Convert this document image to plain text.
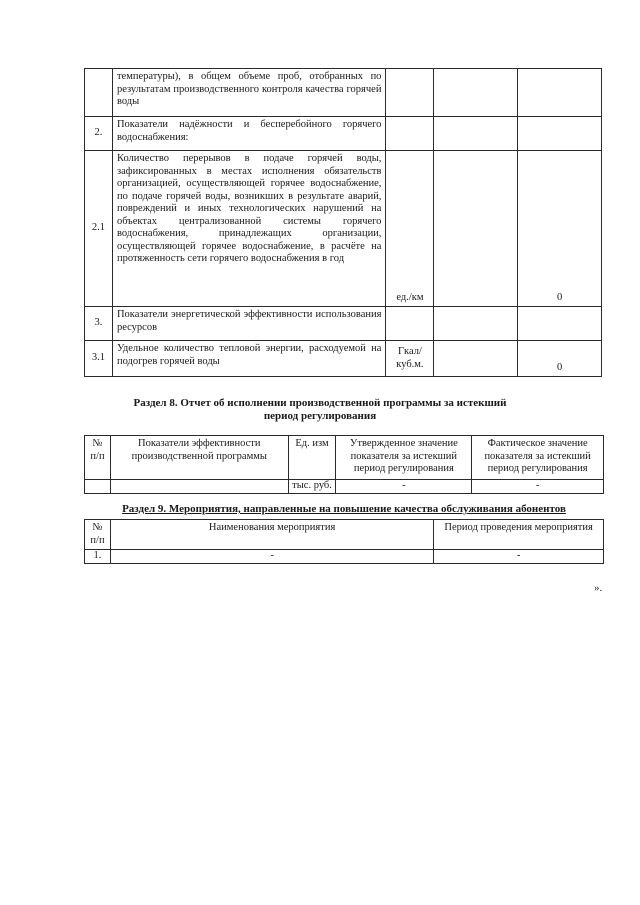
	температуры), в общем объеме проб, отобранных по результатам производственного контроля качества горячей воды			
2.	Показатели надёжности и бесперебойного горячего водоснабжения:			
2.1	Количество перерывов в подаче горячей воды, зафиксированных в местах исполнения обязательств организацией, осуществляющей горячее водоснабжение, по подаче горячей воды, возникших в результате аварий, повреждений и иных технологических нарушений на объектах централизованной системы горячего водоснабжения, принадлежащих организации, осуществляющей горячее водоснабжение, в расчёте на протяженность сети горячего водоснабжения в год	ед./км		0
3.	Показатели энергетической эффективности использования ресурсов			
3.1	Удельное количество тепловой энергии, расходуемой на подогрев горячей воды	Гкал/ куб.м.		0
Раздел 8. Отчет об исполнении производственной программы за истекший период регулирования
№ п/п	Показатели эффективности производственной программы	Ед. изм	Утвержденное значение показателя за истекший период регулирования	Фактическое значение показателя за истекший период регулирования
		тыс. руб.	-	-
Раздел 9. Мероприятия, направленные на повышение качества обслуживания абонентов
№ п/п	Наименования мероприятия	Период проведения мероприятия
1.	-	-
».
